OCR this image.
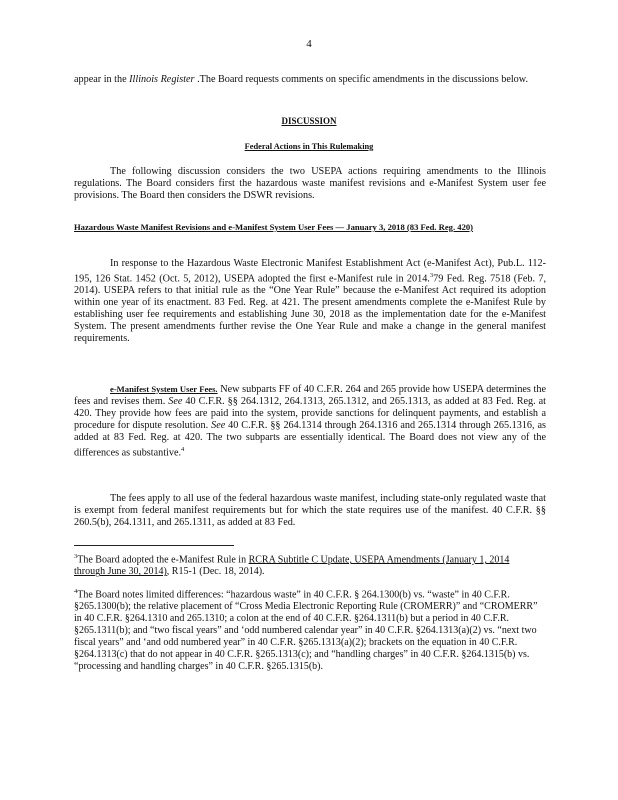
4
appear in the Illinois Register .The Board requests comments on specific amendments in the discussions below.
DISCUSSION
Federal Actions in This Rulemaking
The following discussion considers the two USEPA actions requiring amendments to the Illinois regulations. The Board considers first the hazardous waste manifest revisions and e-Manifest System user fee provisions. The Board then considers the DSWR revisions.
Hazardous Waste Manifest Revisions and e-Manifest System User Fees — January 3, 2018 (83 Fed. Reg. 420)
In response to the Hazardous Waste Electronic Manifest Establishment Act (e-Manifest Act), Pub.L. 112-195, 126 Stat. 1452 (Oct. 5, 2012), USEPA adopted the first e-Manifest rule in 2014.$^3$79 Fed. Reg. 7518 (Feb. 7, 2014). USEPA refers to that initial rule as the “One Year Rule” because the e-Manifest Act required its adoption within one year of its enactment. 83 Fed. Reg. at 421. The present amendments complete the e-Manifest Rule by establishing user fee requirements and establishing June 30, 2018 as the implementation date for the e-Manifest System. The present amendments further revise the One Year Rule and make a change in the general manifest requirements.
e-Manifest System User Fees. New subparts FF of 40 C.F.R. 264 and 265 provide how USEPA determines the fees and revises them. See 40 C.F.R. §§ 264.1312, 264.1313, 265.1312, and 265.1313, as added at 83 Fed. Reg. at 420. They provide how fees are paid into the system, provide sanctions for delinquent payments, and establish a procedure for dispute resolution. See 40 C.F.R. §§ 264.1314 through 264.1316 and 265.1314 through 265.1316, as added at 83 Fed. Reg. at 420. The two subparts are essentially identical. The Board does not view any of the differences as substantive.$^4$
The fees apply to all use of the federal hazardous waste manifest, including state-only regulated waste that is exempt from federal manifest requirements but for which the state requires use of the manifest. 40 C.F.R. §§ 260.5(b), 264.1311, and 265.1311, as added at 83 Fed.
$^3$The Board adopted the e-Manifest Rule in RCRA Subtitle C Update, USEPA Amendments (January 1, 2014 through June 30, 2014), R15-1 (Dec. 18, 2014).
$^4$The Board notes limited differences: “hazardous waste” in 40 C.F.R. § 264.1300(b) vs. “waste” in 40 C.F.R. §265.1300(b); the relative placement of “Cross Media Electronic Reporting Rule (CROMERR)” and “CROMERR” in 40 C.F.R. §264.1310 and 265.1310; a colon at the end of 40 C.F.R. §264.1311(b) but a period in 40 C.F.R. §265.1311(b); and “two fiscal years” and ‘odd numbered calendar year” in 40 C.F.R. §264.1313(a)(2) vs. “next two fiscal years” and ‘and odd numbered year” in 40 C.F.R. §265.1313(a)(2); brackets on the equation in 40 C.F.R. §264.1313(c) that do not appear in 40 C.F.R. §265.1313(c); and “handling charges” in 40 C.F.R. §264.1315(b) vs. “processing and handling charges” in 40 C.F.R. §265.1315(b).
